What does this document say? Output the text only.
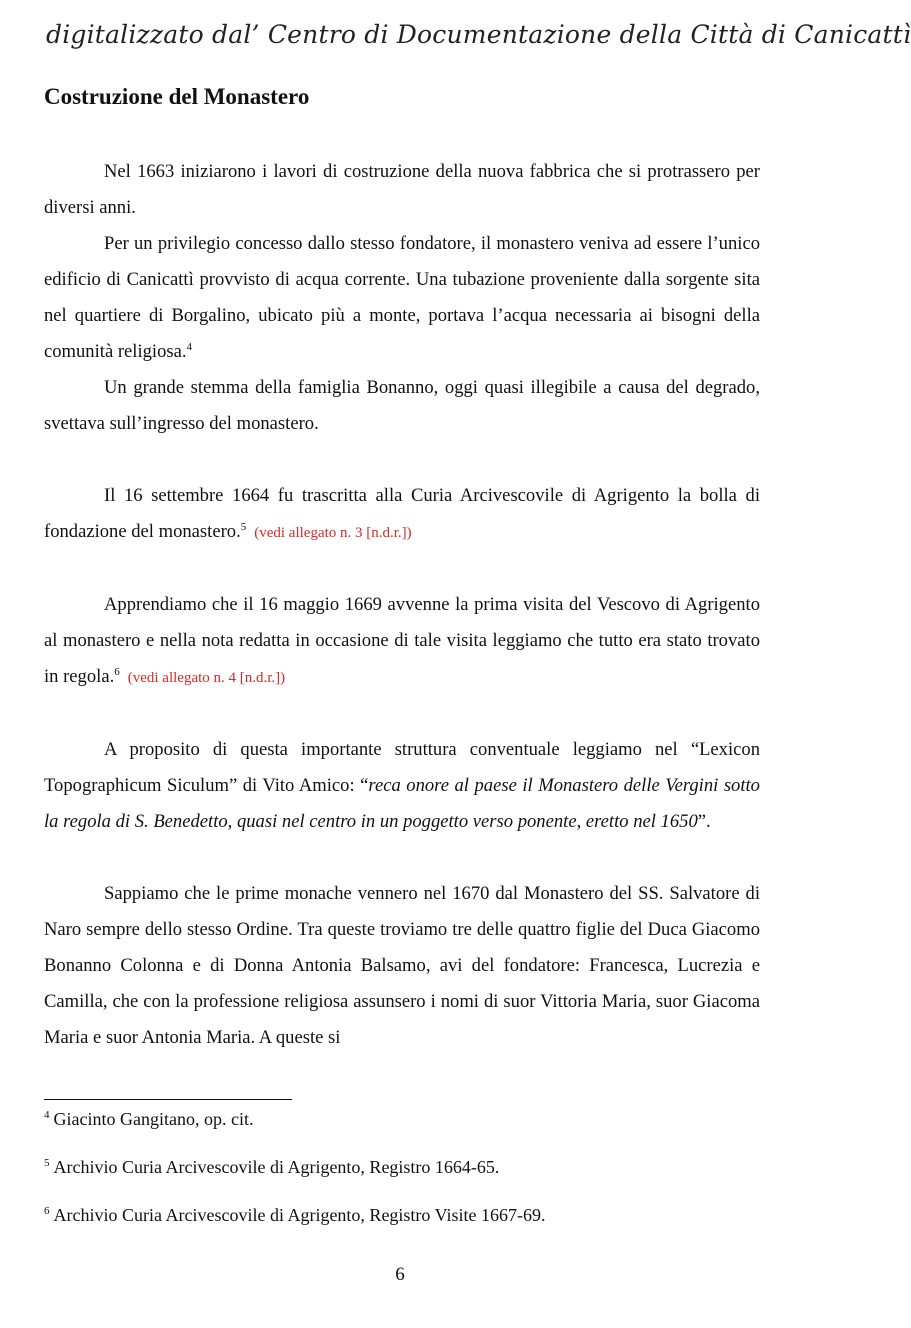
digitalizzato dal’ Centro di Documentazione della Città di Canicattì
Costruzione del Monastero

Nel 1663 iniziarono i lavori di costruzione della nuova fabbrica che si protrassero per diversi anni.

Per un privilegio concesso dallo stesso fondatore, il monastero veniva ad essere l’unico edificio di Canicattì provvisto di acqua corrente. Una tubazione proveniente dalla sorgente sita nel quartiere di Borgalino, ubicato più a monte, portava l’acqua necessaria ai bisogni della comunità religiosa.$^4$

Un grande stemma della famiglia Bonanno, oggi quasi illegibile a causa del degrado, svettava sull’ingresso del monastero.

Il 16 settembre 1664 fu trascritta alla Curia Arcivescovile di Agrigento la bolla di fondazione del monastero.$^5$ (vedi allegato n. 3 [n.d.r.])

Apprendiamo che il 16 maggio 1669 avvenne la prima visita del Vescovo di Agrigento al monastero e nella nota redatta in occasione di tale visita leggiamo che tutto era stato trovato in regola.$^6$ (vedi allegato n. 4 [n.d.r.])

A proposito di questa importante struttura conventuale leggiamo nel “Lexicon Topographicum Siculum” di Vito Amico: “reca onore al paese il Monastero delle Vergini sotto la regola di S. Benedetto, quasi nel centro in un poggetto verso ponente, eretto nel 1650”.

Sappiamo che le prime monache vennero nel 1670 dal Monastero del SS. Salvatore di Naro sempre dello stesso Ordine. Tra queste troviamo tre delle quattro figlie del Duca Giacomo Bonanno Colonna e di Donna Antonia Balsamo, avi del fondatore: Francesca, Lucrezia e Camilla, che con la professione religiosa assunsero i nomi di suor Vittoria Maria, suor Giacoma Maria e suor Antonia Maria. A queste si

$^4$ Giacinto Gangitano, op. cit.

$^5$ Archivio Curia Arcivescovile di Agrigento, Registro 1664-65.

$^6$ Archivio Curia Arcivescovile di Agrigento, Registro Visite 1667-69.

6
